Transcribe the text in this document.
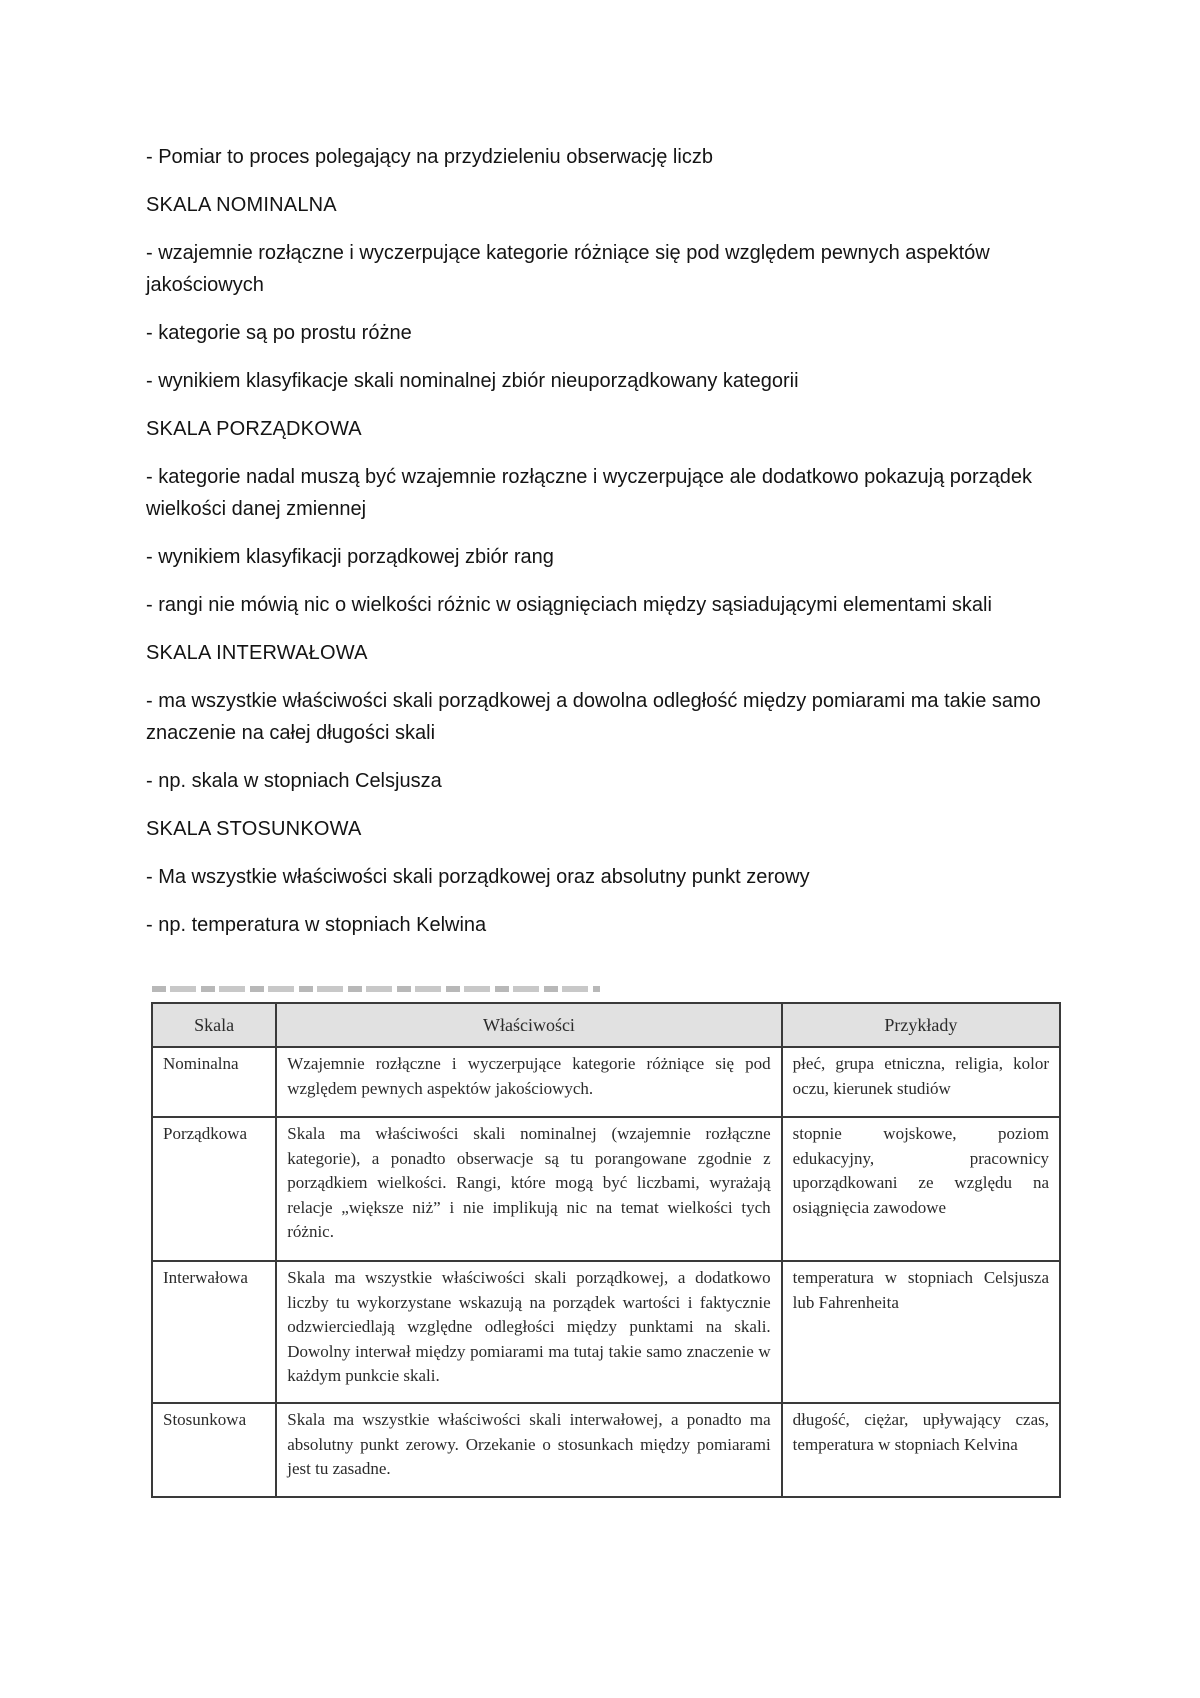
- Pomiar to proces polegający na przydzieleniu obserwację liczb

SKALA NOMINALNA

- wzajemnie rozłączne i wyczerpujące kategorie różniące się pod względem pewnych aspektów jakościowych

- kategorie są po prostu różne

- wynikiem klasyfikacje skali nominalnej zbiór nieuporządkowany kategorii

SKALA PORZĄDKOWA

- kategorie nadal muszą być wzajemnie rozłączne i wyczerpujące ale dodatkowo pokazują porządek wielkości danej zmiennej

- wynikiem klasyfikacji porządkowej zbiór rang

- rangi nie mówią nic o wielkości różnic w osiągnięciach między sąsiadującymi elementami skali

SKALA INTERWAŁOWA

- ma wszystkie właściwości skali porządkowej a dowolna odległość między pomiarami ma takie samo znaczenie na całej długości skali

- np. skala w stopniach Celsjusza

SKALA STOSUNKOWA

- Ma wszystkie właściwości skali porządkowej oraz absolutny punkt zerowy

- np. temperatura w stopniach Kelwina

Skala	Właściwości	Przykłady
Nominalna	Wzajemnie rozłączne i wyczerpujące kategorie różniące się pod względem pewnych aspektów jakościowych.	płeć, grupa etniczna, religia, kolor oczu, kierunek studiów
Porządkowa	Skala ma właściwości skali nominalnej (wzajemnie rozłączne kategorie), a ponadto obserwacje są tu porangowane zgodnie z porządkiem wielkości. Rangi, które mogą być liczbami, wyrażają relacje „większe niż” i nie implikują nic na temat wielkości tych różnic.	stopnie wojskowe, poziom edukacyjny, pracownicy uporządkowani ze względu na osiągnięcia zawodowe
Interwałowa	Skala ma wszystkie właściwości skali porządkowej, a dodatkowo liczby tu wykorzystane wskazują na porządek wartości i faktycznie odzwierciedlają względne odległości między punktami na skali. Dowolny interwał między pomiarami ma tutaj takie samo znaczenie w każdym punkcie skali.	temperatura w stopniach Celsjusza lub Fahrenheita
Stosunkowa	Skala ma wszystkie właściwości skali interwałowej, a ponadto ma absolutny punkt zerowy. Orzekanie o stosunkach między pomiarami jest tu zasadne.	długość, ciężar, upływający czas, temperatura w stopniach Kelvina
